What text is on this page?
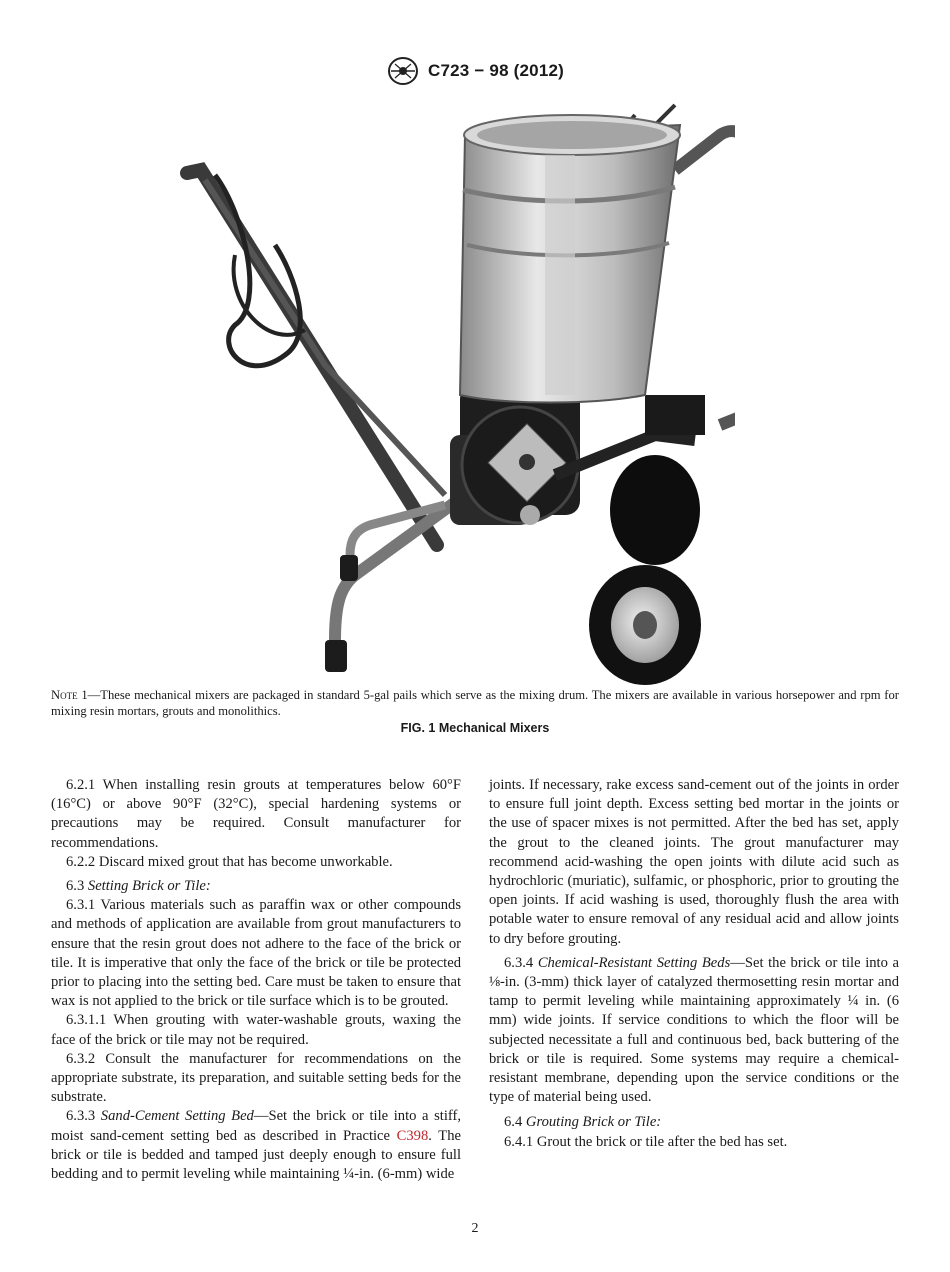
C723 − 98 (2012)
Note 1—These mechanical mixers are packaged in standard 5-gal pails which serve as the mixing drum. The mixers are available in various horsepower and rpm for mixing resin mortars, grouts and monolithics.
FIG. 1 Mechanical Mixers

6.2.1 When installing resin grouts at temperatures below 60°F (16°C) or above 90°F (32°C), special hardening systems or precautions may be required. Consult manufacturer for recommendations.

6.2.2 Discard mixed grout that has become unworkable.

6.3 Setting Brick or Tile:

6.3.1 Various materials such as paraffin wax or other compounds and methods of application are available from grout manufacturers to ensure that the resin grout does not adhere to the face of the brick or tile. It is imperative that only the face of the brick or tile be protected prior to placing into the setting bed. Care must be taken to ensure that wax is not applied to the brick or tile surface which is to be grouted.

6.3.1.1 When grouting with water-washable grouts, waxing the face of the brick or tile may not be required.

6.3.2 Consult the manufacturer for recommendations on the appropriate substrate, its preparation, and suitable setting beds for the substrate.

6.3.3 Sand-Cement Setting Bed—Set the brick or tile into a stiff, moist sand-cement setting bed as described in Practice C398. The brick or tile is bedded and tamped just deeply enough to ensure full bedding and to permit leveling while maintaining ¼-in. (6-mm) wide

joints. If necessary, rake excess sand-cement out of the joints in order to ensure full joint depth. Excess setting bed mortar in the joints or the use of spacer mixes is not permitted. After the bed has set, apply the grout to the cleaned joints. The grout manufacturer may recommend acid-washing the open joints with dilute acid such as hydrochloric (muriatic), sulfamic, or phosphoric, prior to grouting the open joints. If acid washing is used, thoroughly flush the area with potable water to ensure removal of any residual acid and allow joints to dry before grouting.

6.3.4 Chemical-Resistant Setting Beds—Set the brick or tile into a ⅛-in. (3-mm) thick layer of catalyzed thermosetting resin mortar and tamp to permit leveling while maintaining approximately ¼ in. (6 mm) wide joints. If service conditions to which the floor will be subjected necessitate a full and continuous bed, back buttering of the brick or tile is required. Some systems may require a chemical-resistant membrane, depending upon the service conditions or the type of material being used.

6.4 Grouting Brick or Tile:

6.4.1 Grout the brick or tile after the bed has set.

2
